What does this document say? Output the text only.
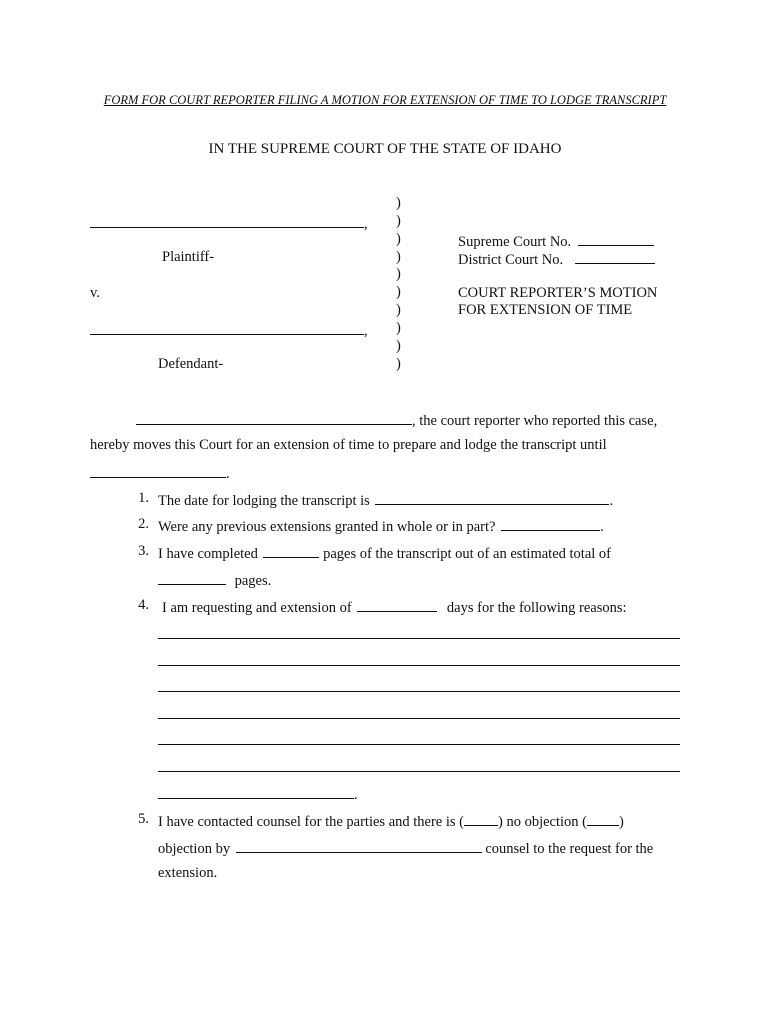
FORM FOR COURT REPORTER FILING A MOTION FOR EXTENSION OF TIME TO LODGE TRANSCRIPT
IN THE SUPREME COURT OF THE STATE OF IDAHO
,
Plaintiff-
v.
,
Defendant-
)
)
)
)
)
)
)
)
)
)
Supreme Court No.
District Court No.
COURT REPORTER’S MOTION
FOR EXTENSION OF TIME
, the court reporter who reported this case,
hereby moves this Court for an extension of time to prepare and lodge the transcript until
.
1. The date for lodging the transcript is	.
2. Were any previous extensions granted in whole or in part?	.
3. I have completed	pages of the transcript out of an estimated total of
pages.
4. I am requesting and extension of	days for the following reasons:
.
5. I have contacted counsel for the parties and there is ( ) no objection ( )
objection by	counsel to the request for the
extension.
